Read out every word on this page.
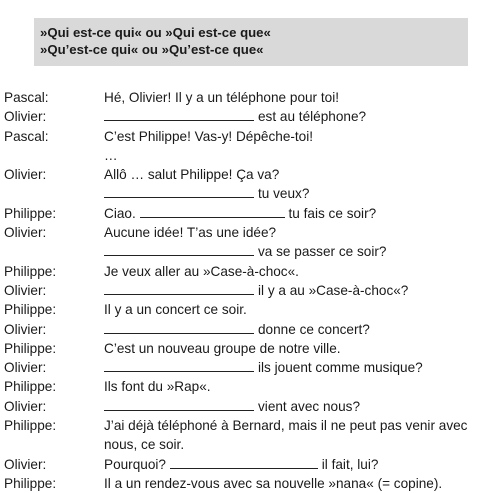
»Qui est-ce qui« ou »Qui est-ce que«
»Qu’est-ce qui« ou »Qu’est-ce que«
Pascal:	Hé, Olivier! Il y a un téléphone pour toi!
Olivier:	est au téléphone?
Pascal:	C’est Philippe! Vas-y! Dépêche-toi!
…
Olivier:	Allô … salut Philippe! Ça va?
tu veux?
Philippe:	Ciao.	tu fais ce soir?
Olivier:	Aucune idée! T’as une idée?
va se passer ce soir?
Philippe:	Je veux aller au »Case-à-choc«.
Olivier:	il y a au »Case-à-choc«?
Philippe:	Il y a un concert ce soir.
Olivier:	donne ce concert?
Philippe:	C’est un nouveau groupe de notre ville.
Olivier:	ils jouent comme musique?
Philippe:	Ils font du »Rap«.
Olivier:	vient avec nous?
Philippe:	J’ai déjà téléphoné à Bernard, mais il ne peut pas venir avec
nous, ce soir.
Olivier:	Pourquoi?	il fait, lui?
Philippe:	Il a un rendez-vous avec sa nouvelle »nana« (= copine).
